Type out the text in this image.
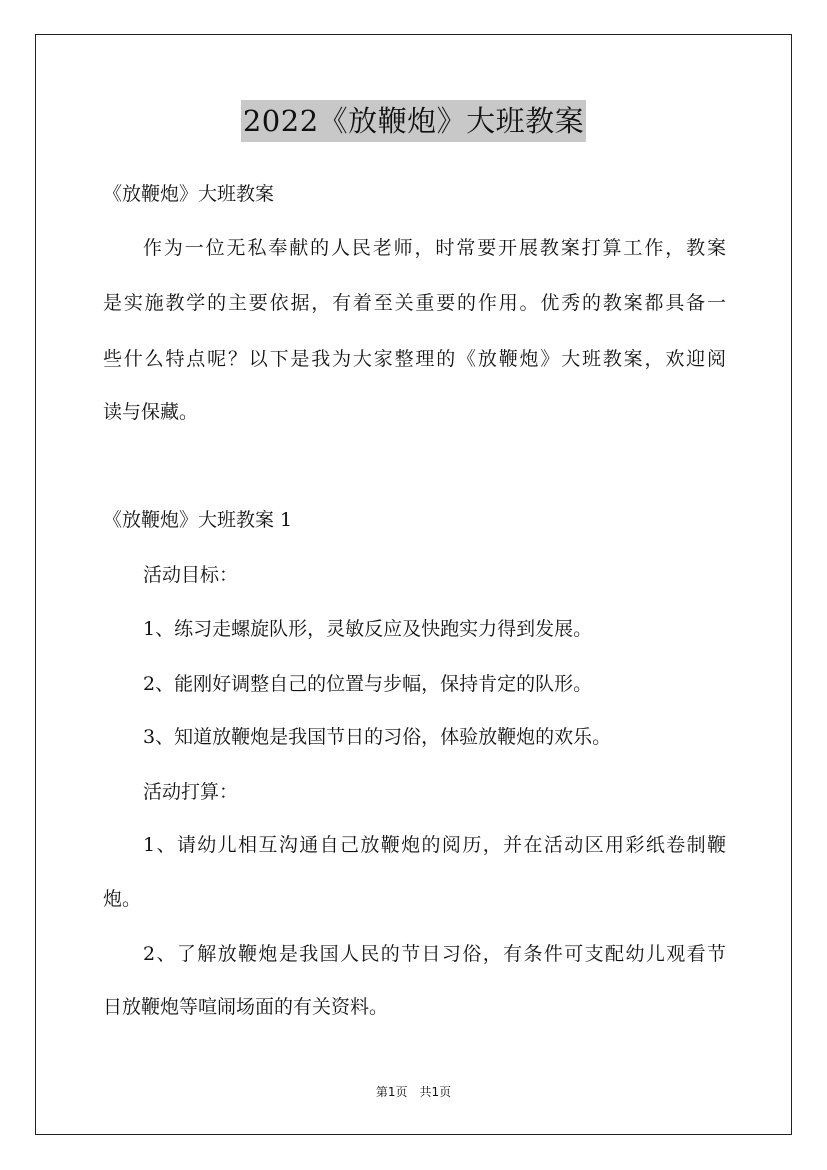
2022《放鞭炮》大班教案
《放鞭炮》大班教案
作为一位无私奉献的人民老师，时常要开展教案打算工作，教案
是实施教学的主要依据，有着至关重要的作用。优秀的教案都具备一
些什么特点呢？以下是我为大家整理的《放鞭炮》大班教案，欢迎阅
读与保藏。
《放鞭炮》大班教案 1
活动目标：
1、练习走螺旋队形，灵敏反应及快跑实力得到发展。
2、能刚好调整自己的位置与步幅，保持肯定的队形。
3、知道放鞭炮是我国节日的习俗，体验放鞭炮的欢乐。
活动打算：
1、请幼儿相互沟通自己放鞭炮的阅历，并在活动区用彩纸卷制鞭
炮。
2、了解放鞭炮是我国人民的节日习俗，有条件可支配幼儿观看节
日放鞭炮等喧闹场面的有关资料。
第1页　共1页
